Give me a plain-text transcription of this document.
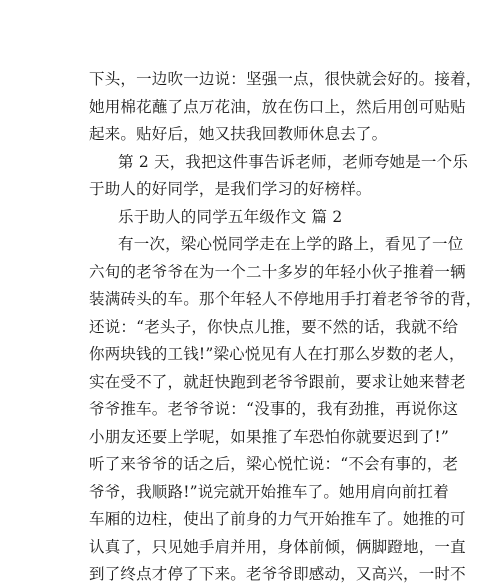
下头，一边吹一边说：坚强一点，很快就会好的。接着，
她用棉花蘸了点万花油，放在伤口上，然后用创可贴贴
起来。贴好后，她又扶我回教师休息去了。
第 2 天，我把这件事告诉老师，老师夸她是一个乐
于助人的好同学，是我们学习的好榜样。
乐于助人的同学五年级作文 篇 2
有一次，梁心悦同学走在上学的路上，看见了一位
六旬的老爷爷在为一个二十多岁的年轻小伙子推着一辆
装满砖头的车。那个年轻人不停地用手打着老爷爷的背，
还说：“老头子，你快点儿推，要不然的话，我就不给
你两块钱的工钱!”梁心悦见有人在打那么岁数的老人，
实在受不了，就赶快跑到老爷爷跟前，要求让她来替老
爷爷推车。老爷爷说：“没事的，我有劲推，再说你这
小朋友还要上学呢，如果推了车恐怕你就要迟到了!”
听了来爷爷的话之后，梁心悦忙说：“不会有事的，老
爷爷，我顺路!”说完就开始推车了。她用肩向前扛着
车厢的边柱，使出了前身的力气开始推车了。她推的可
认真了，只见她手肩并用，身体前倾，俩脚蹬地，一直
到了终点才停了下来。老爷爷即感动，又高兴，一时不
